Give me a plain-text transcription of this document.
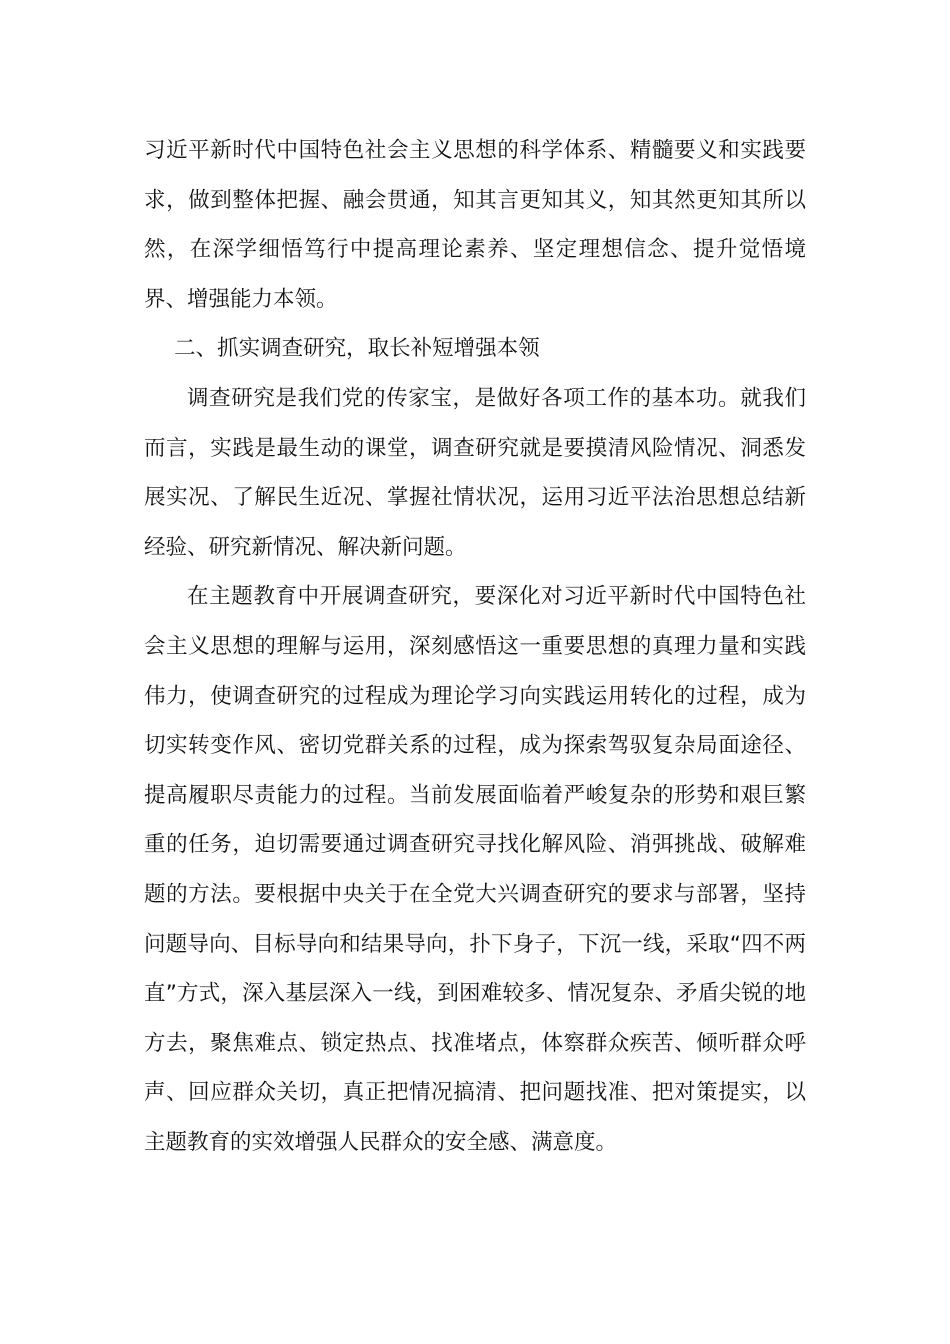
习近平新时代中国特色社会主义思想的科学体系、精髓要义和实践要求，做到整体把握、融会贯通，知其言更知其义，知其然更知其所以然，在深学细悟笃行中提高理论素养、坚定理想信念、提升觉悟境界、增强能力本领。

二、抓实调查研究，取长补短增强本领

调查研究是我们党的传家宝，是做好各项工作的基本功。就我们而言，实践是最生动的课堂，调查研究就是要摸清风险情况、洞悉发展实况、了解民生近况、掌握社情状况，运用习近平法治思想总结新经验、研究新情况、解决新问题。

在主题教育中开展调查研究，要深化对习近平新时代中国特色社会主义思想的理解与运用，深刻感悟这一重要思想的真理力量和实践伟力，使调查研究的过程成为理论学习向实践运用转化的过程，成为切实转变作风、密切党群关系的过程，成为探索驾驭复杂局面途径、提高履职尽责能力的过程。当前发展面临着严峻复杂的形势和艰巨繁重的任务，迫切需要通过调查研究寻找化解风险、消弭挑战、破解难题的方法。要根据中央关于在全党大兴调查研究的要求与部署，坚持问题导向、目标导向和结果导向，扑下身子，下沉一线，采取“四不两直”方式，深入基层深入一线，到困难较多、情况复杂、矛盾尖锐的地方去，聚焦难点、锁定热点、找准堵点，体察群众疾苦、倾听群众呼声、回应群众关切，真正把情况搞清、把问题找准、把对策提实，以主题教育的实效增强人民群众的安全感、满意度。
